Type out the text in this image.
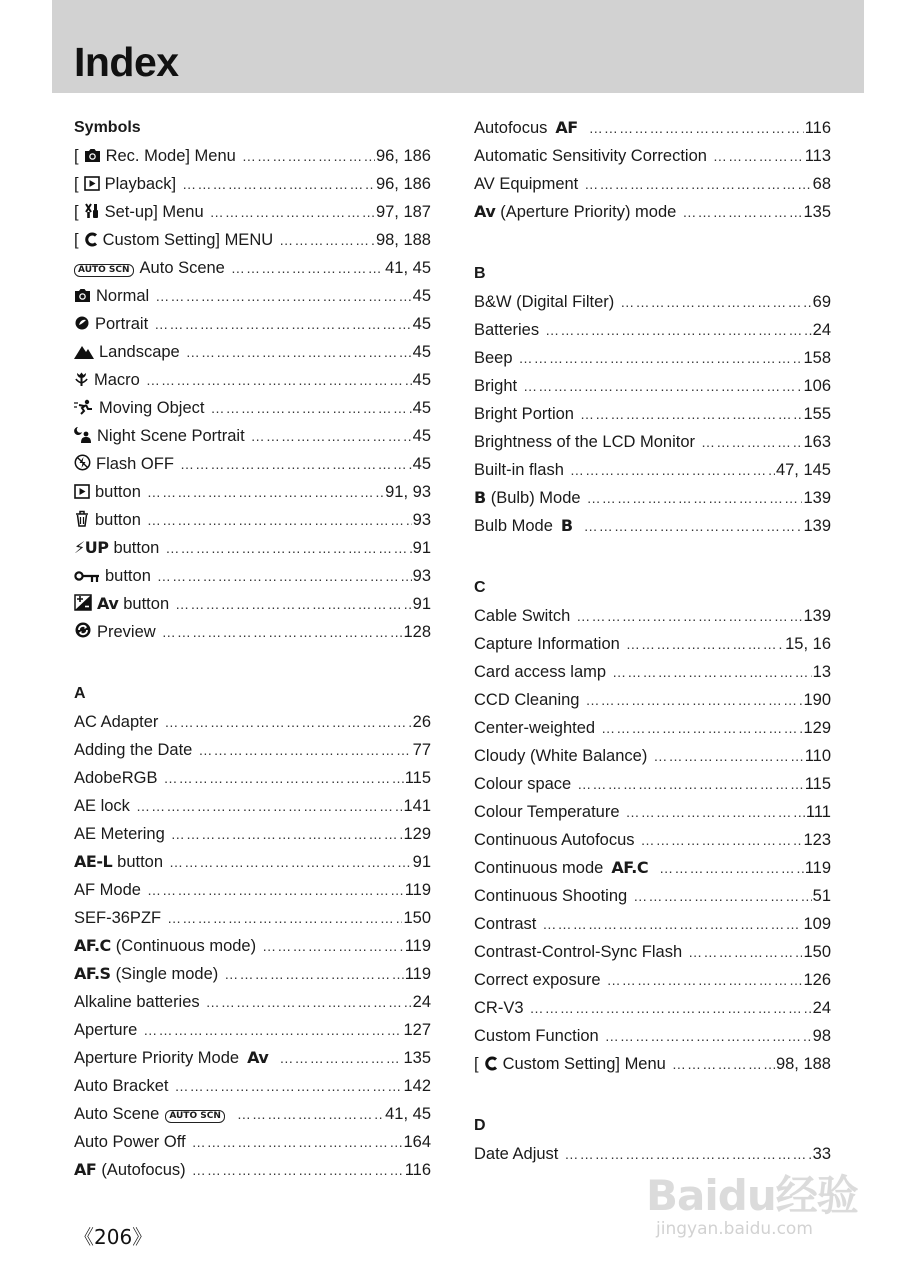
Index
Symbols
[ Rec. Mode] Menu ……………………………………………………………………………………………………………………	96, 186
[ Playback] ……………………………………………………………………………………………………………………	96, 186
[ Set-up] Menu ……………………………………………………………………………………………………………………	97, 187
[ Custom Setting] MENU ……………………………………………………………………………………………………………………	98, 188
AUTO SCN Auto Scene ……………………………………………………………………………………………………………………	41, 45
Normal ……………………………………………………………………………………………………………………	45
Portrait ……………………………………………………………………………………………………………………	45
Landscape ……………………………………………………………………………………………………………………	45
Macro ……………………………………………………………………………………………………………………	45
Moving Object ……………………………………………………………………………………………………………………	45
Night Scene Portrait ……………………………………………………………………………………………………………………	45
Flash OFF ……………………………………………………………………………………………………………………	45
button ……………………………………………………………………………………………………………………	91, 93
button ……………………………………………………………………………………………………………………	93
⚡UP button ……………………………………………………………………………………………………………………	91
button ……………………………………………………………………………………………………………………	93
Av button ……………………………………………………………………………………………………………………	91
Preview ……………………………………………………………………………………………………………………	128
A
AC Adapter ……………………………………………………………………………………………………………………	26
Adding the Date ……………………………………………………………………………………………………………………	77
AdobeRGB ……………………………………………………………………………………………………………………	115
AE lock ……………………………………………………………………………………………………………………	141
AE Metering ……………………………………………………………………………………………………………………	129
AE-L button ……………………………………………………………………………………………………………………	91
AF Mode ……………………………………………………………………………………………………………………	119
SEF-36PZF ……………………………………………………………………………………………………………………	150
AF.C (Continuous mode) ……………………………………………………………………………………………………………………	119
AF.S (Single mode) ……………………………………………………………………………………………………………………	119
Alkaline batteries ……………………………………………………………………………………………………………………	24
Aperture ……………………………………………………………………………………………………………………	127
Aperture Priority Mode Av ……………………………………………………………………………………………………………………	135
Auto Bracket ……………………………………………………………………………………………………………………	142
Auto Scene	AUTO SCN ……………………………………………………………………………………………………………………	41, 45
Auto Power Off ……………………………………………………………………………………………………………………	164
AF (Autofocus) ……………………………………………………………………………………………………………………	116
Autofocus AF ……………………………………………………………………………………………………………………	116
Automatic Sensitivity Correction ……………………………………………………………………………………………………………………	113
AV Equipment ……………………………………………………………………………………………………………………	68
Av (Aperture Priority) mode ……………………………………………………………………………………………………………………	135
B
B&W (Digital Filter) ……………………………………………………………………………………………………………………	69
Batteries ……………………………………………………………………………………………………………………	24
Beep ……………………………………………………………………………………………………………………	158
Bright ……………………………………………………………………………………………………………………	106
Bright Portion ……………………………………………………………………………………………………………………	155
Brightness of the LCD Monitor ……………………………………………………………………………………………………………………	163
Built-in flash ……………………………………………………………………………………………………………………	47, 145
B (Bulb) Mode ……………………………………………………………………………………………………………………	139
Bulb Mode B ……………………………………………………………………………………………………………………	139
C
Cable Switch ……………………………………………………………………………………………………………………	139
Capture Information ……………………………………………………………………………………………………………………	15, 16
Card access lamp ……………………………………………………………………………………………………………………	13
CCD Cleaning ……………………………………………………………………………………………………………………	190
Center-weighted ……………………………………………………………………………………………………………………	129
Cloudy (White Balance) ……………………………………………………………………………………………………………………	110
Colour space ……………………………………………………………………………………………………………………	115
Colour Temperature ……………………………………………………………………………………………………………………	111
Continuous Autofocus ……………………………………………………………………………………………………………………	123
Continuous mode AF.C ……………………………………………………………………………………………………………………	119
Continuous Shooting ……………………………………………………………………………………………………………………	51
Contrast ……………………………………………………………………………………………………………………	109
Contrast-Control-Sync Flash ……………………………………………………………………………………………………………………	150
Correct exposure ……………………………………………………………………………………………………………………	126
CR-V3 ……………………………………………………………………………………………………………………	24
Custom Function ……………………………………………………………………………………………………………………	98
[ Custom Setting] Menu ……………………………………………………………………………………………………………………	98, 188
D
Date Adjust ……………………………………………………………………………………………………………………	33
《206》
Baidu经验
jingyan.baidu.com
